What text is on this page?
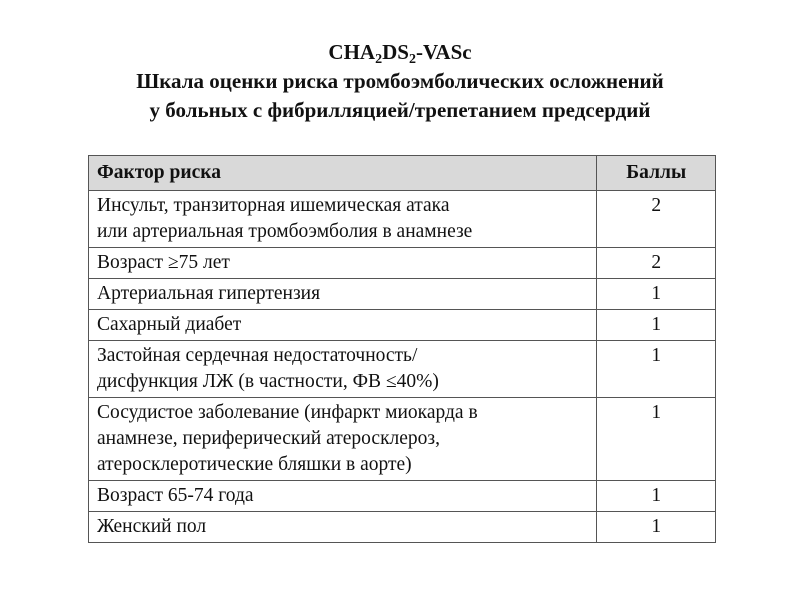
$CHA_2DS_2$-VASc
Шкала оценки риска тромбоэмболических осложнений
у больных с фибрилляцией/трепетанием предсердий
Фактор риска	Баллы

Инсульт, транзиторная ишемическая атака
или артериальная тромбоэмболия в анамнезе	2

Возраст ≥75 лет	2

Артериальная гипертензия	1

Сахарный диабет	1

Застойная сердечная недостаточность/
дисфункция ЛЖ (в частности, ФВ ≤40%)	1

Сосудистое заболевание (инфаркт миокарда в
анамнезе, периферический атеросклероз,
атеросклеротические бляшки в аорте)	1

Возраст 65-74 года	1

Женский пол	1
